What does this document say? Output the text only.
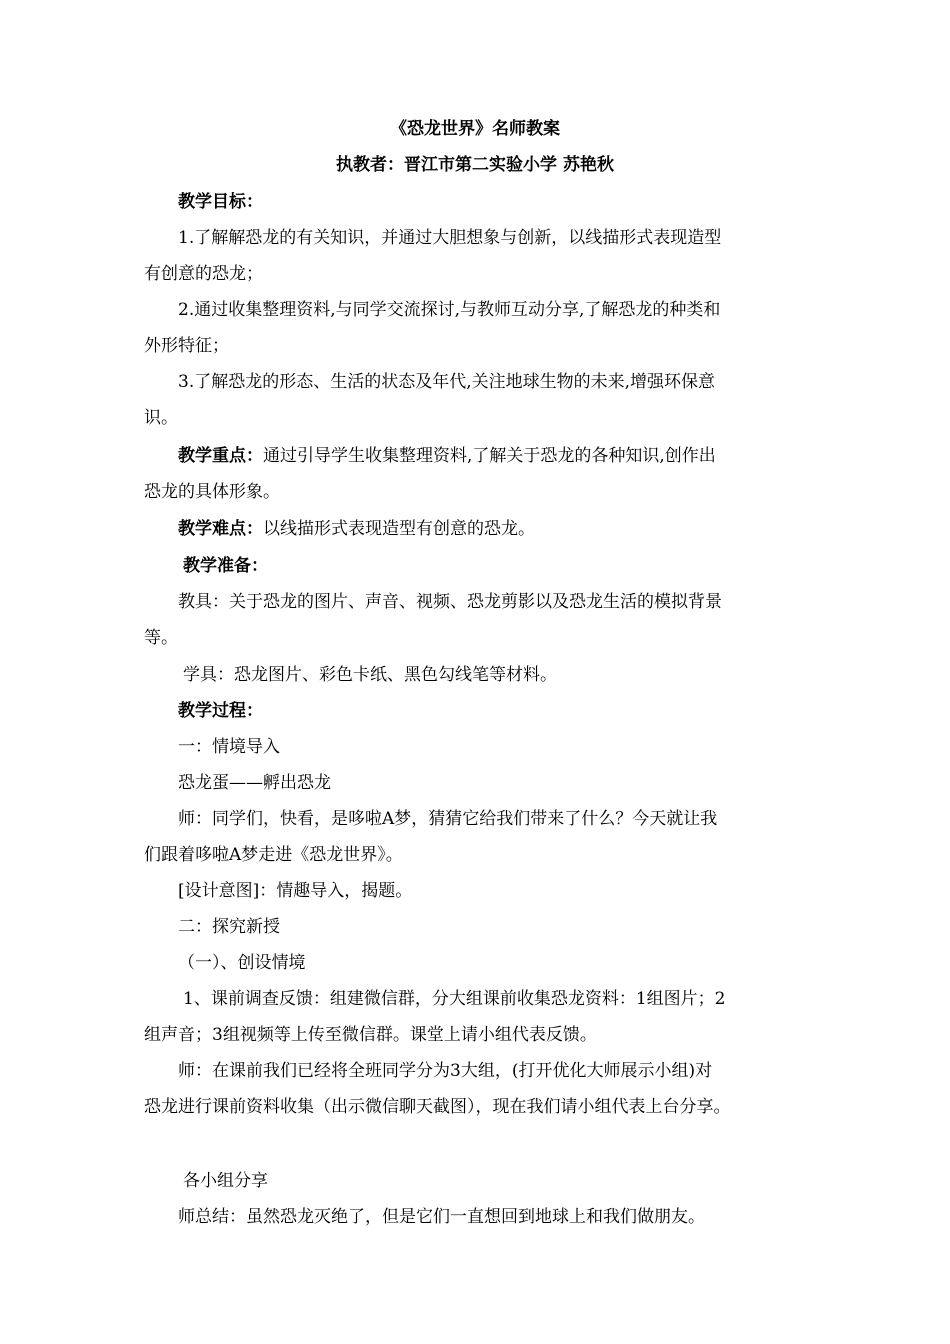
《恐龙世界》名师教案

执教者：晋江市第二实验小学 苏艳秋

教学目标：

1.了解解恐龙的有关知识，并通过大胆想象与创新，以线描形式表现造型

有创意的恐龙；

2.通过收集整理资料,与同学交流探讨,与教师互动分享,了解恐龙的种类和

外形特征；

3.了解恐龙的形态、生活的状态及年代,关注地球生物的未来,增强环保意

识。

教学重点：通过引导学生收集整理资料,了解关于恐龙的各种知识,创作出

恐龙的具体形象。

教学难点：以线描形式表现造型有创意的恐龙。

教学准备：

教具：关于恐龙的图片、声音、视频、恐龙剪影以及恐龙生活的模拟背景

等。

学具：恐龙图片、彩色卡纸、黑色勾线笔等材料。

教学过程：

一：情境导入

恐龙蛋——孵出恐龙

师：同学们，快看，是哆啦A梦，猜猜它给我们带来了什么？今天就让我

们跟着哆啦A梦走进《恐龙世界》。

[设计意图]：情趣导入，揭题。

二：探究新授

（一）、创设情境

1、课前调查反馈：组建微信群，分大组课前收集恐龙资料：1组图片；2

组声音；3组视频等上传至微信群。课堂上请小组代表反馈。

师：在课前我们已经将全班同学分为3大组，(打开优化大师展示小组)对

恐龙进行课前资料收集（出示微信聊天截图），现在我们请小组代表上台分享。

各小组分享

师总结：虽然恐龙灭绝了，但是它们一直想回到地球上和我们做朋友。
